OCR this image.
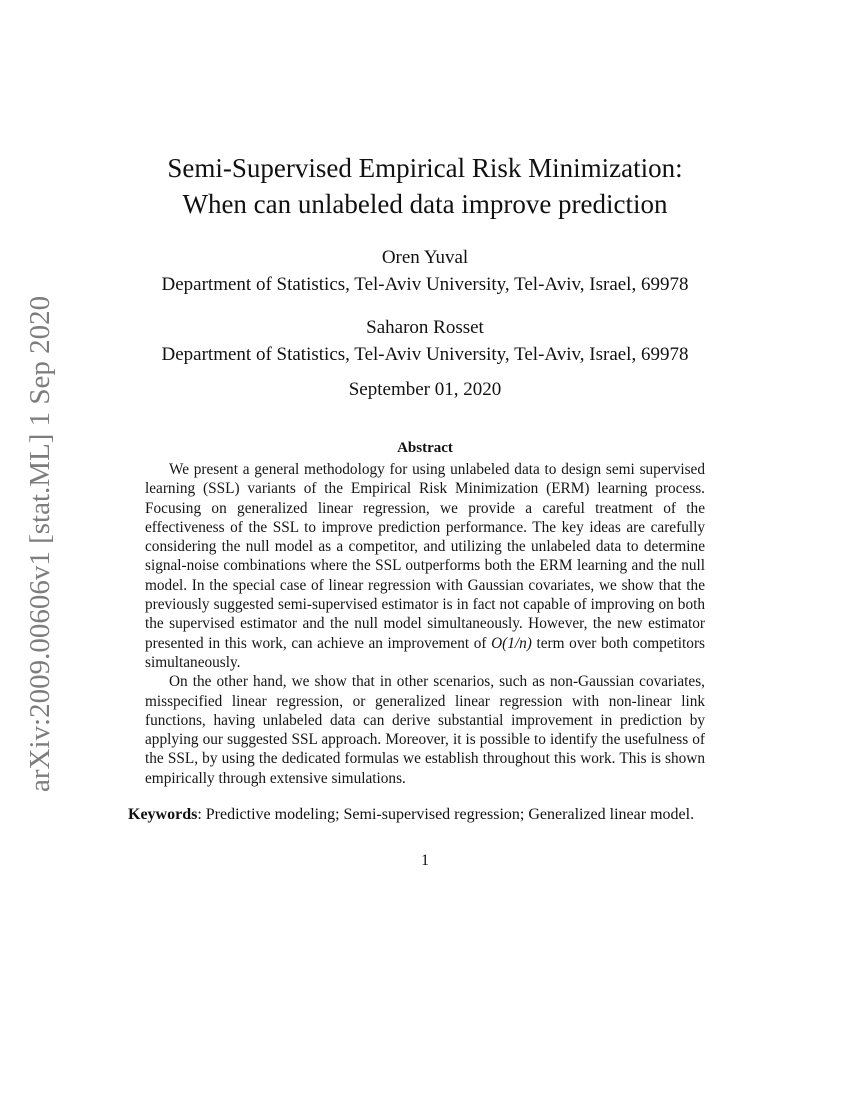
arXiv:2009.00606v1 [stat.ML] 1 Sep 2020
Semi-Supervised Empirical Risk Minimization:
When can unlabeled data improve prediction
Oren Yuval
Department of Statistics, Tel-Aviv University, Tel-Aviv, Israel, 69978
Saharon Rosset
Department of Statistics, Tel-Aviv University, Tel-Aviv, Israel, 69978
September 01, 2020
Abstract

We present a general methodology for using unlabeled data to design semi supervised learning (SSL) variants of the Empirical Risk Minimization (ERM) learning process. Focusing on generalized linear regression, we provide a careful treatment of the effectiveness of the SSL to improve prediction performance. The key ideas are carefully considering the null model as a competitor, and utilizing the unlabeled data to determine signal-noise combinations where the SSL outperforms both the ERM learning and the null model. In the special case of linear regression with Gaussian covariates, we show that the previously suggested semi-supervised estimator is in fact not capable of improving on both the supervised estimator and the null model simultaneously. However, the new estimator presented in this work, can achieve an improvement of O(1/n) term over both competitors simultaneously.

On the other hand, we show that in other scenarios, such as non-Gaussian covariates, misspecified linear regression, or generalized linear regression with non-linear link functions, having unlabeled data can derive substantial improvement in prediction by applying our suggested SSL approach. Moreover, it is possible to identify the usefulness of the SSL, by using the dedicated formulas we establish throughout this work. This is shown empirically through extensive simulations.

Keywords: Predictive modeling; Semi-supervised regression; Generalized linear model.
1
